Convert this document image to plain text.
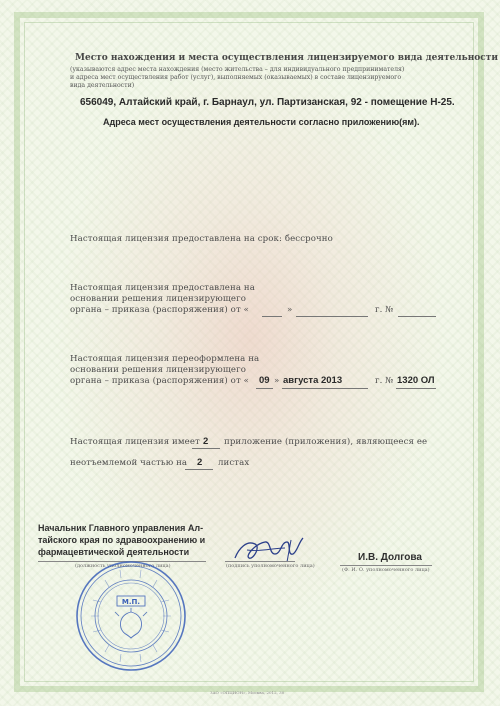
Место нахождения и места осуществления лицензируемого вида деятельности
(указываются адрес места нахождения (место жительства – для индивидуального предпринимателя)
и адреса мест осуществления работ (услуг), выполняемых (оказываемых) в составе лицензируемого
вида деятельности)
656049, Алтайский край, г. Барнаул, ул. Партизанская, 92 - помещение Н-25.
Адреса мест осуществления деятельности согласно приложению(ям).
Настоящая лицензия предоставлена на срок: бессрочно
Настоящая лицензия предоставлена на
основании решения лицензирующего
органа – приказа (распоряжения) от «	»	г. №
Настоящая лицензия переоформлена на
основании решения лицензирующего
органа – приказа (распоряжения) от « 09 » августа 2013	г. № 1320 ОЛ
Настоящая лицензия имеет 2 приложение (приложения), являющееся ее
неотъемлемой частью на 2 листах
Начальник Главного управления Ал-
тайского края по здравоохранению и
фармацевтической деятельности
(должность уполномоченного лица)	(подпись уполномоченного лица)
И.В. Долгова
(Ф. И. О. уполномоченного лица)
М.П.
ЗАО «ОПЦИОН», Москва, 2012, 30
